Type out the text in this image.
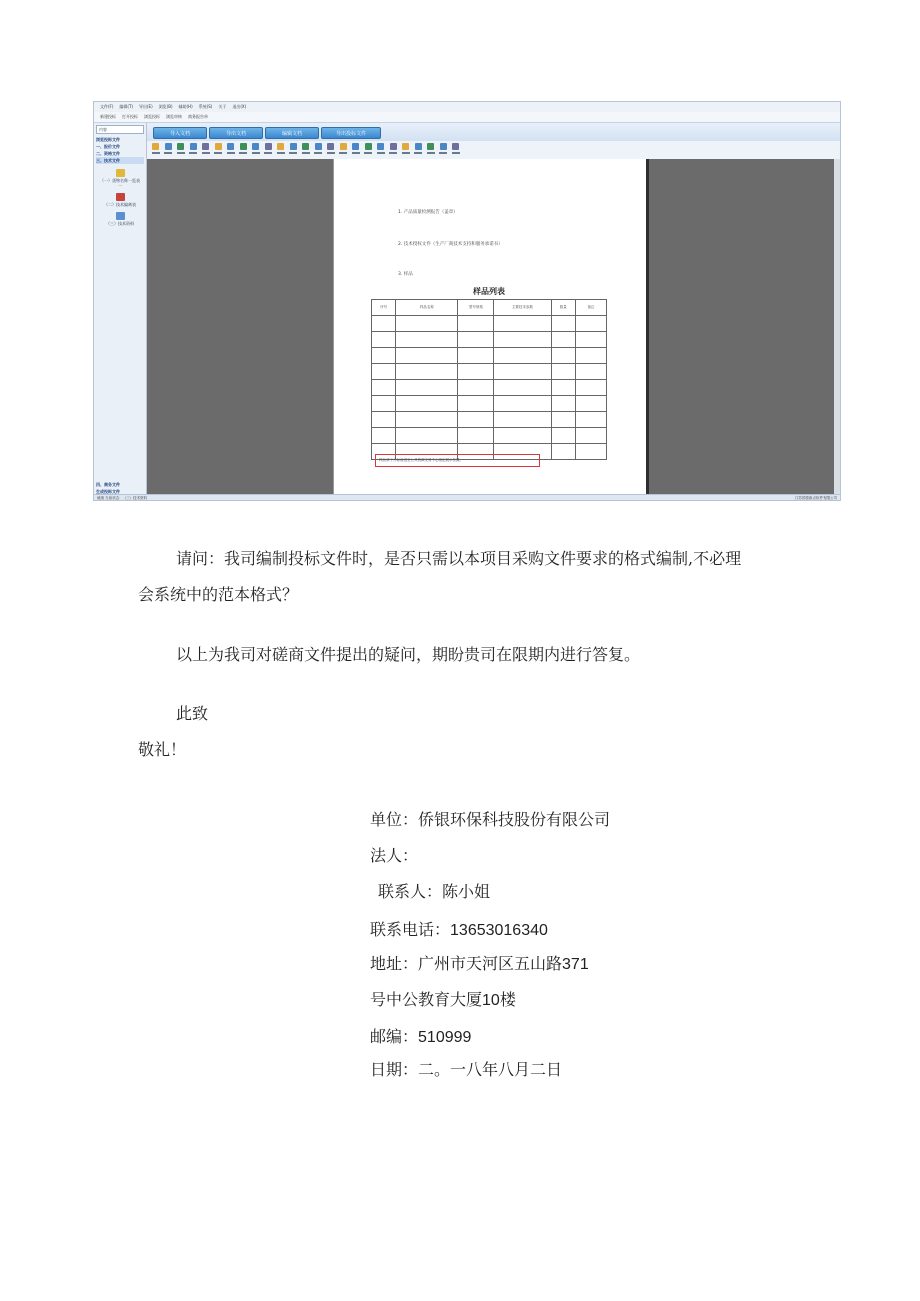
文件(F) 编辑(T) 导出(E) 浏览(B) 辅助(H) 系统(S) 关于 退出(X)
新建投标 打开投标 浏览投标 浏览审核 商务报告单
内容
浏览投标文件
一、报价文件
二、资格文件
三、技术文件
（一）货物名称一览表一
（二）技术偏离表
（三）技术资料
四、商务文件
生成投标文件
导入文档	导出文档	编辑文档	导出投标文件
1. 产品质量检测报告（盖章）
2. 技术授权文件（生产厂商技术支持和服务承诺书）
3. 样品
样品列表
序号	样品名称	型号规格	主要技术参数	数量	备注

样品须于开标前送至公共资源交易中心指定展示位置。
就绪 当前状态：（三）技术资料	江苏国泰新点软件有限公司
请问：我司编制投标文件时，是否只需以本项目采购文件要求的格式编制,不必理
会系统中的范本格式？
以上为我司对磋商文件提出的疑问，期盼贵司在限期内进行答复。
此致
敬礼！
单位：侨银环保科技股份有限公司
法人：
联系人：陈小姐
联系电话：13653016340
地址：广州市天河区五山路371
号中公教育大厦10楼
邮编：510999
日期：二。一八年八月二日
